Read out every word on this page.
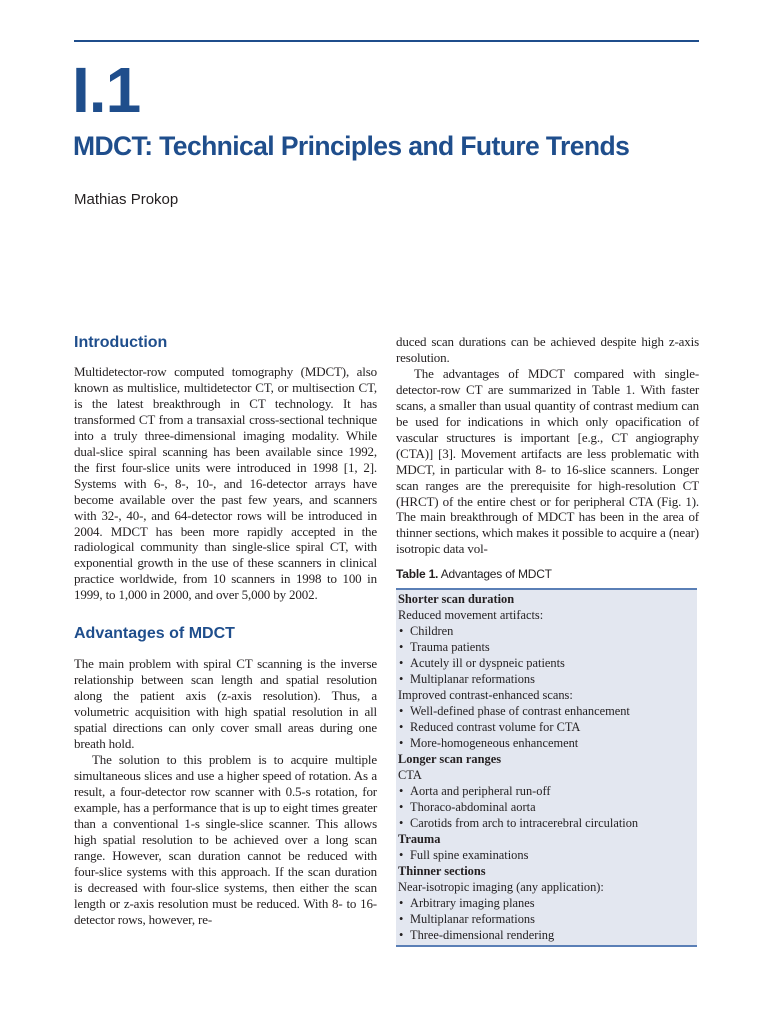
I.1
MDCT: Technical Principles and Future Trends
Mathias Prokop
Introduction

Multidetector-row computed tomography (MDCT), also known as multislice, multidetector CT, or multisection CT, is the latest breakthrough in CT technology. It has transformed CT from a transaxial cross-sectional technique into a truly three-dimensional imaging modality. While dual-slice spiral scanning has been available since 1992, the first four-slice units were introduced in 1998 [1, 2]. Systems with 6-, 8-, 10-, and 16-detector arrays have become available over the past few years, and scanners with 32-, 40-, and 64-detector rows will be introduced in 2004. MDCT has been more rapidly accepted in the radiological community than single-slice spiral CT, with exponential growth in the use of these scanners in clinical practice worldwide, from 10 scanners in 1998 to 100 in 1999, to 1,000 in 2000, and over 5,000 by 2002.

Advantages of MDCT

The main problem with spiral CT scanning is the inverse relationship between scan length and spatial resolution along the patient axis (z-axis resolution). Thus, a volumetric acquisition with high spatial resolution in all spatial directions can only cover small areas during one breath hold.

The solution to this problem is to acquire multiple simultaneous slices and use a higher speed of rotation. As a result, a four-detector row scanner with 0.5-s rotation, for example, has a performance that is up to eight times greater than a conventional 1-s single-slice scanner. This allows high spatial resolution to be achieved over a long scan range. However, scan duration cannot be reduced with four-slice systems with this approach. If the scan duration is decreased with four-slice systems, then either the scan length or z-axis resolution must be reduced. With 8- to 16-detector rows, however, re-

duced scan durations can be achieved despite high z-axis resolution.

The advantages of MDCT compared with single-detector-row CT are summarized in Table 1. With faster scans, a smaller than usual quantity of contrast medium can be used for indications in which only opacification of vascular structures is important [e.g., CT angiography (CTA)] [3]. Movement artifacts are less problematic with MDCT, in particular with 8- to 16-slice scanners. Longer scan ranges are the prerequisite for high-resolution CT (HRCT) of the entire chest or for peripheral CTA (Fig. 1). The main breakthrough of MDCT has been in the area of thinner sections, which makes it possible to acquire a (near) isotropic data vol-

Table 1. Advantages of MDCT
Shorter scan duration
Reduced movement artifacts:
• Children
• Trauma patients
• Acutely ill or dyspneic patients
• Multiplanar reformations
Improved contrast-enhanced scans:
• Well-defined phase of contrast enhancement
• Reduced contrast volume for CTA
• More-homogeneous enhancement
Longer scan ranges
CTA
• Aorta and peripheral run-off
• Thoraco-abdominal aorta
• Carotids from arch to intracerebral circulation
Trauma
• Full spine examinations
Thinner sections
Near-isotropic imaging (any application):
• Arbitrary imaging planes
• Multiplanar reformations
• Three-dimensional rendering
